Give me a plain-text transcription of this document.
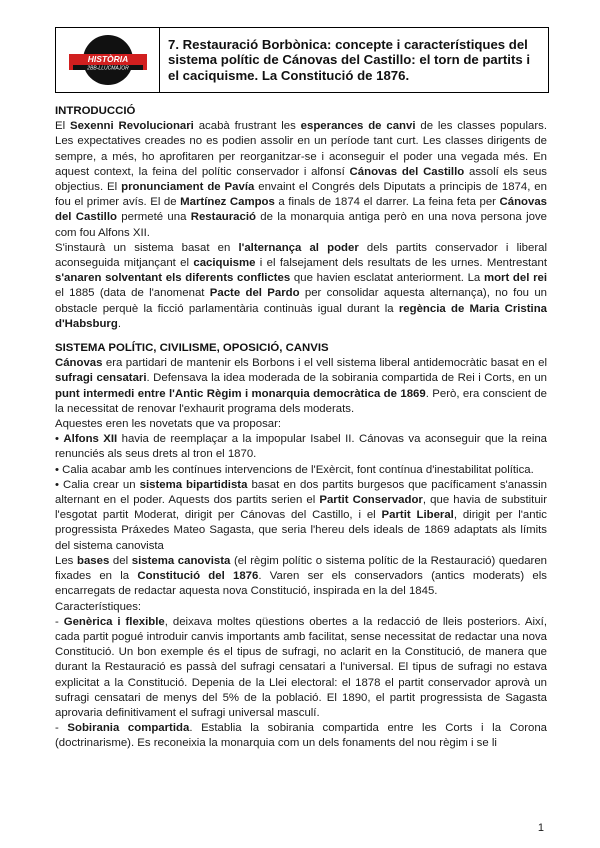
HISTÒRIA
2BB-LLUCMAJOR
7. Restauració Borbònica: concepte i característiques del sistema polític de Cánovas del Castillo: el torn de partits i el caciquisme. La Constitució de 1876.
INTRODUCCIÓ

El Sexenni Revolucionari acabà frustrant les esperances de canvi de les classes populars. Les expectatives creades no es podien assolir en un període tant curt. Les classes dirigents de sempre, a més, ho aprofitaren per reorganitzar-se i aconseguir el poder una vegada més. En aquest context, la feina del polític conservador i alfonsí Cánovas del Castillo assolí els seus objectius. El pronunciament de Pavía envaint el Congrés dels Diputats a principis de 1874, en fou el primer avís. El de Martínez Campos a finals de 1874 el darrer. La feina feta per Cánovas del Castillo permeté una Restauració de la monarquia antiga però en una nova persona jove com fou Alfons XII.

S'instaurà un sistema basat en l'alternança al poder dels partits conservador i liberal aconseguida mitjançant el caciquisme i el falsejament dels resultats de les urnes. Mentrestant s'anaren solventant els diferents conflictes que havien esclatat anteriorment. La mort del rei el 1885 (data de l'anomenat Pacte del Pardo per consolidar aquesta alternança), no fou un obstacle perquè la ficció parlamentària continuàs igual durant la regència de Maria Cristina d'Habsburg.

SISTEMA POLÍTIC, CIVILISME, OPOSICIÓ, CANVIS

Cánovas era partidari de mantenir els Borbons i el vell sistema liberal antidemocràtic basat en el sufragi censatari. Defensava la idea moderada de la sobirania compartida de Rei i Corts, en un punt intermedi entre l'Antic Règim i monarquia democràtica de 1869. Però, era conscient de la necessitat de renovar l'exhaurit programa dels moderats.

Aquestes eren les novetats que va proposar:

• Alfons XII havia de reemplaçar a la impopular Isabel II. Cánovas va aconseguir que la reina renunciés als seus drets al tron el 1870.

• Calia acabar amb les contínues intervencions de l'Exèrcit, font contínua d'inestabilitat política.

• Calia crear un sistema bipartidista basat en dos partits burgesos que pacíficament s'anassin alternant en el poder. Aquests dos partits serien el Partit Conservador, que havia de substituir l'esgotat partit Moderat, dirigit per Cánovas del Castillo, i el Partit Liberal, dirigit per l'antic progressista Práxedes Mateo Sagasta, que seria l'hereu dels ideals de 1869 adaptats als límits del sistema canovista

Les bases del sistema canovista (el règim polític o sistema polític de la Restauració) quedaren fixades en la Constitució del 1876. Varen ser els conservadors (antics moderats) els encarregats de redactar aquesta nova Constitució, inspirada en la del 1845.

Característiques:

- Genèrica i flexible, deixava moltes qüestions obertes a la redacció de lleis posteriors. Així, cada partit pogué introduir canvis importants amb facilitat, sense necessitat de redactar una nova Constitució. Un bon exemple és el tipus de sufragi, no aclarit en la Constitució, de manera que durant la Restauració es passà del sufragi censatari a l'universal. El tipus de sufragi no estava explicitat a la Constitució. Depenia de la Llei electoral: el 1878 el partit conservador aprovà un sufragi censatari de menys del 5% de la població. El 1890, el partit progressista de Sagasta aprovaria definitivament el sufragi universal masculí.

- Sobirania compartida. Establia la sobirania compartida entre les Corts i la Corona (doctrinarisme). Es reconeixia la monarquia com un dels fonaments del nou règim i se li

1
